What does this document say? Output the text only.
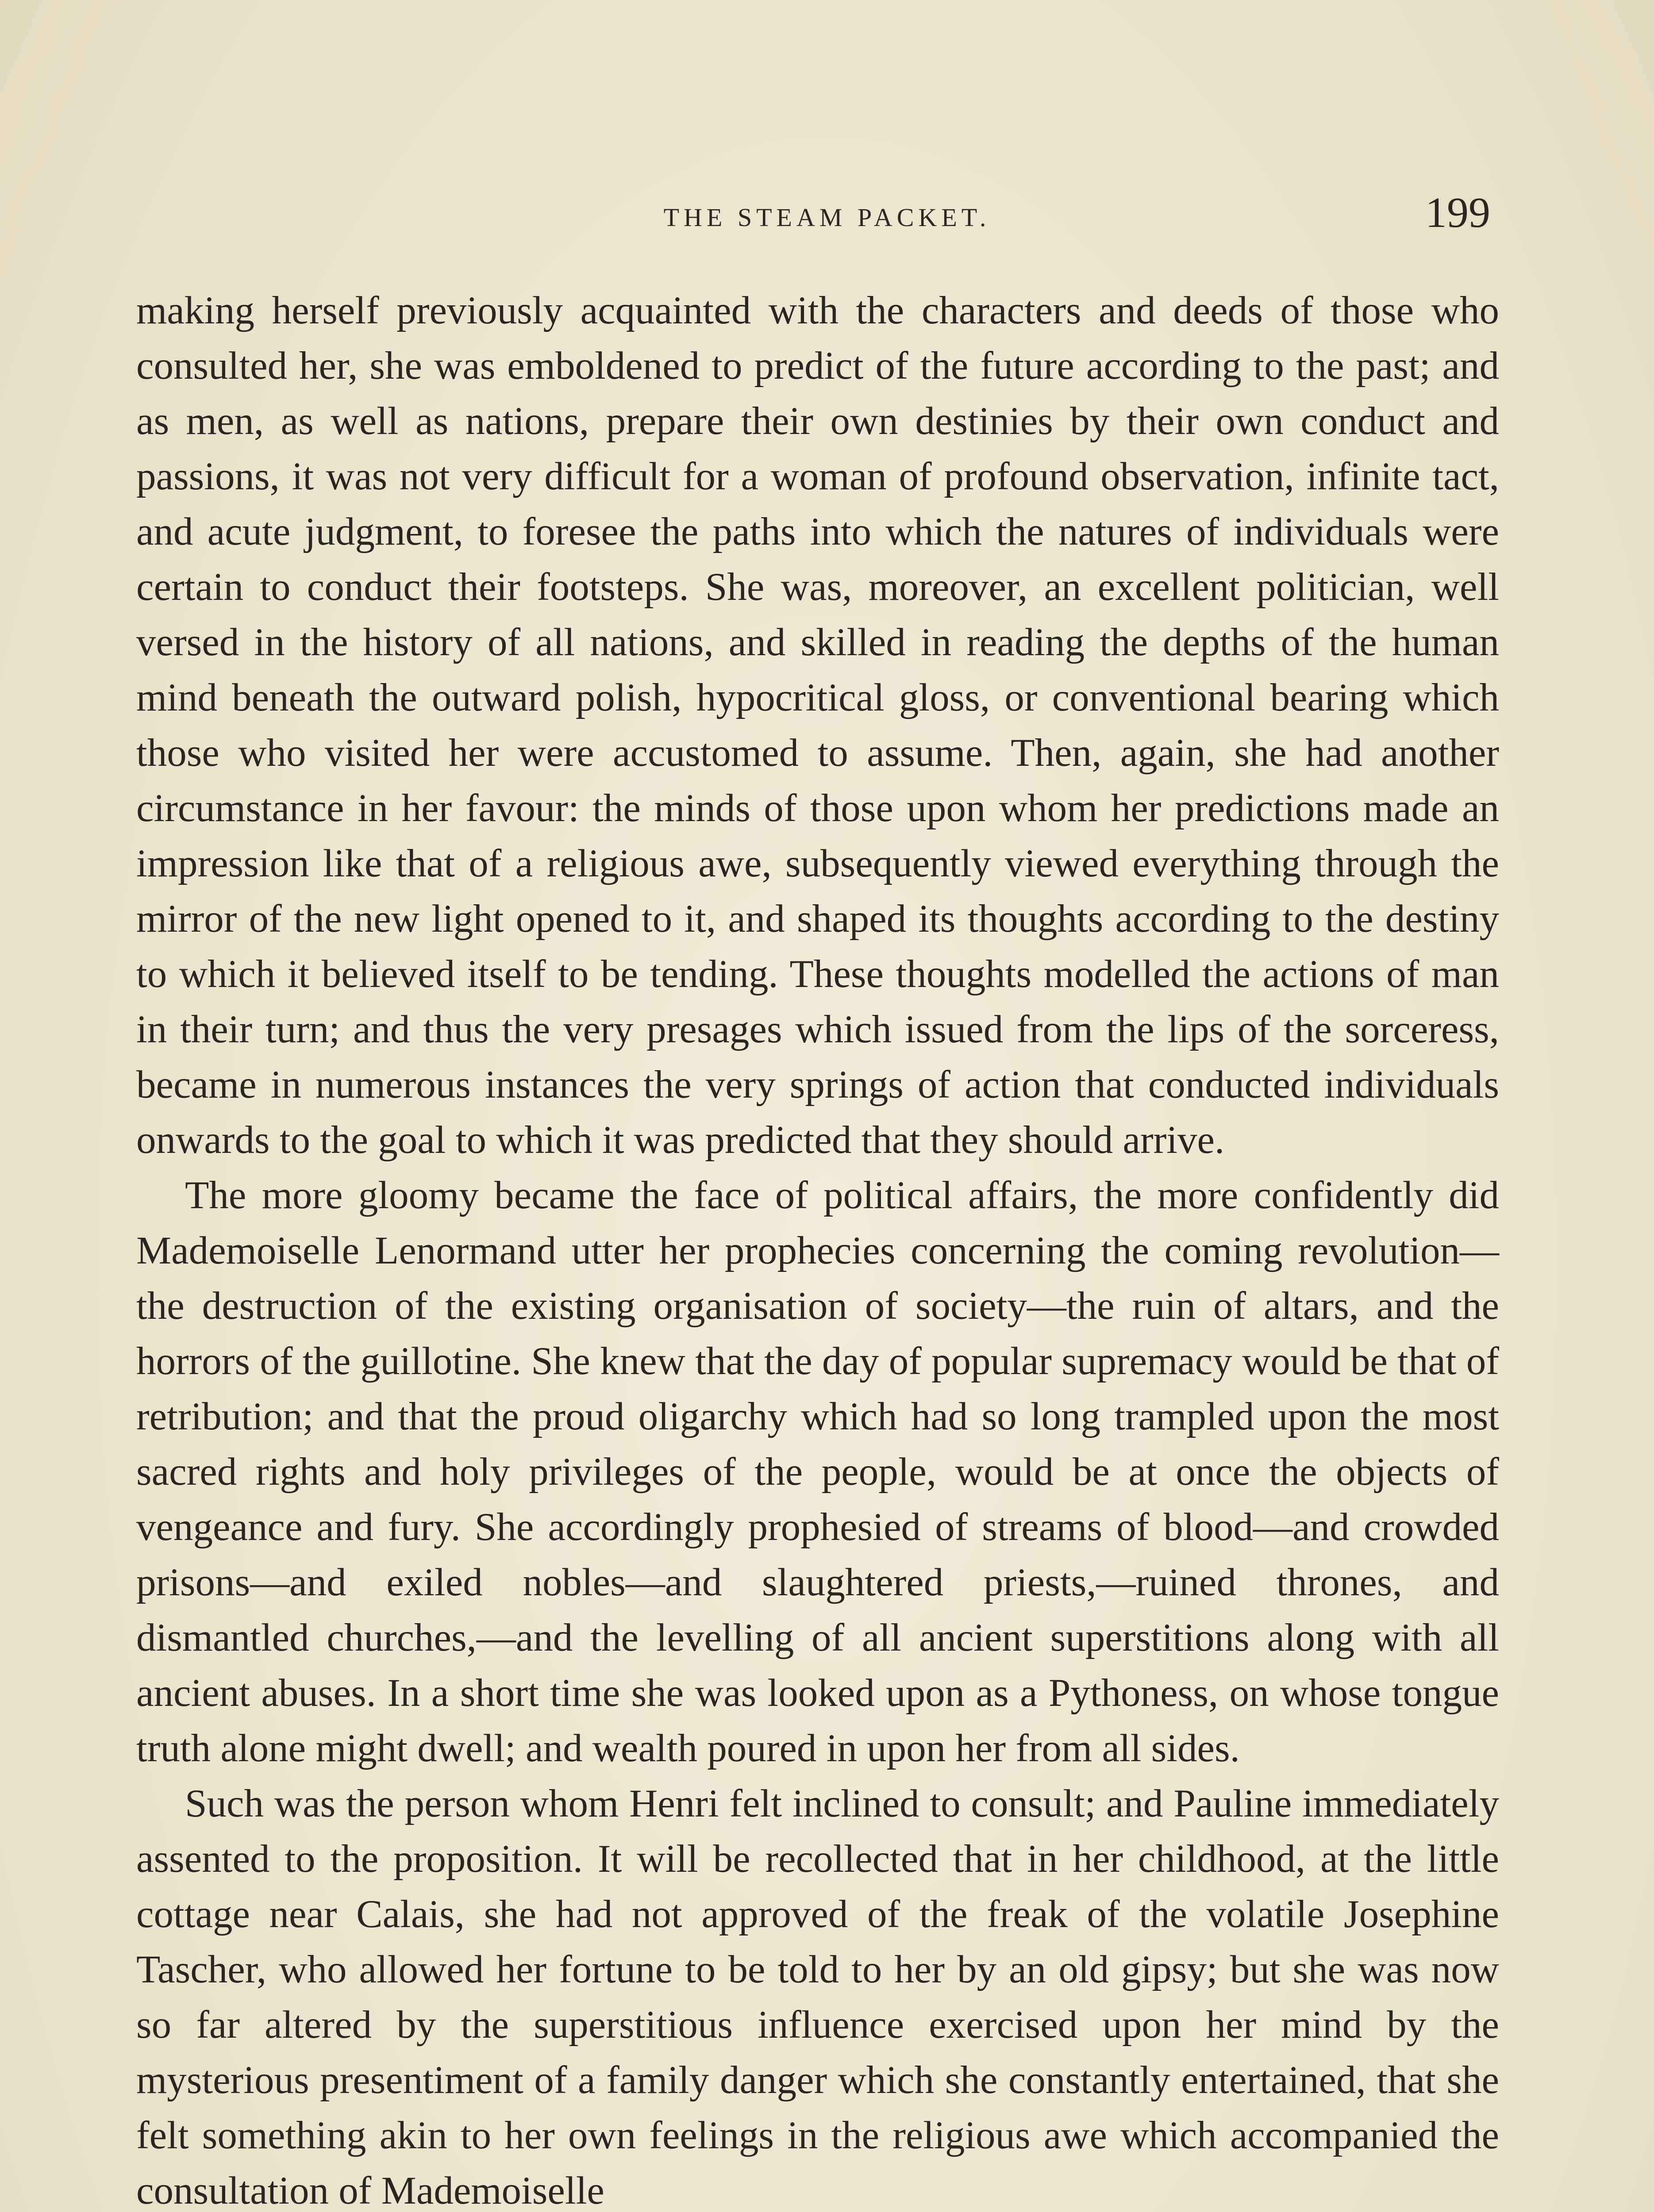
THE STEAM PACKET.	199

making herself previously acquainted with the characters and deeds of those who consulted her, she was emboldened to predict of the future according to the past; and as men, as well as nations, prepare their own destinies by their own conduct and passions, it was not very difficult for a woman of profound observation, infinite tact, and acute judgment, to foresee the paths into which the natures of individuals were certain to conduct their footsteps. She was, moreover, an excellent politician, well versed in the history of all nations, and skilled in reading the depths of the human mind beneath the outward polish, hypocritical gloss, or conventional bearing which those who visited her were accustomed to assume. Then, again, she had another circumstance in her favour: the minds of those upon whom her predictions made an impression like that of a religious awe, subsequently viewed everything through the mirror of the new light opened to it, and shaped its thoughts according to the destiny to which it believed itself to be tending. These thoughts modelled the actions of man in their turn; and thus the very presages which issued from the lips of the sorceress, became in numerous instances the very springs of action that conducted individuals onwards to the goal to which it was predicted that they should arrive.

The more gloomy became the face of political affairs, the more confidently did Mademoiselle Lenormand utter her prophecies concerning the coming revolution—the destruction of the existing organisation of society—the ruin of altars, and the horrors of the guillotine. She knew that the day of popular supremacy would be that of retribution; and that the proud oligarchy which had so long trampled upon the most sacred rights and holy privileges of the people, would be at once the objects of vengeance and fury. She accordingly prophesied of streams of blood—and crowded prisons—and exiled nobles—and slaughtered priests,—ruined thrones, and dismantled churches,—and the levelling of all ancient superstitions along with all ancient abuses. In a short time she was looked upon as a Pythoness, on whose tongue truth alone might dwell; and wealth poured in upon her from all sides.

Such was the person whom Henri felt inclined to consult; and Pauline immediately assented to the proposition. It will be recollected that in her childhood, at the little cottage near Calais, she had not approved of the freak of the volatile Josephine Tascher, who allowed her fortune to be told to her by an old gipsy; but she was now so far altered by the superstitious influence exercised upon her mind by the mysterious presentiment of a family danger which she constantly entertained, that she felt something akin to her own feelings in the religious awe which accompanied the consultation of Mademoiselle
